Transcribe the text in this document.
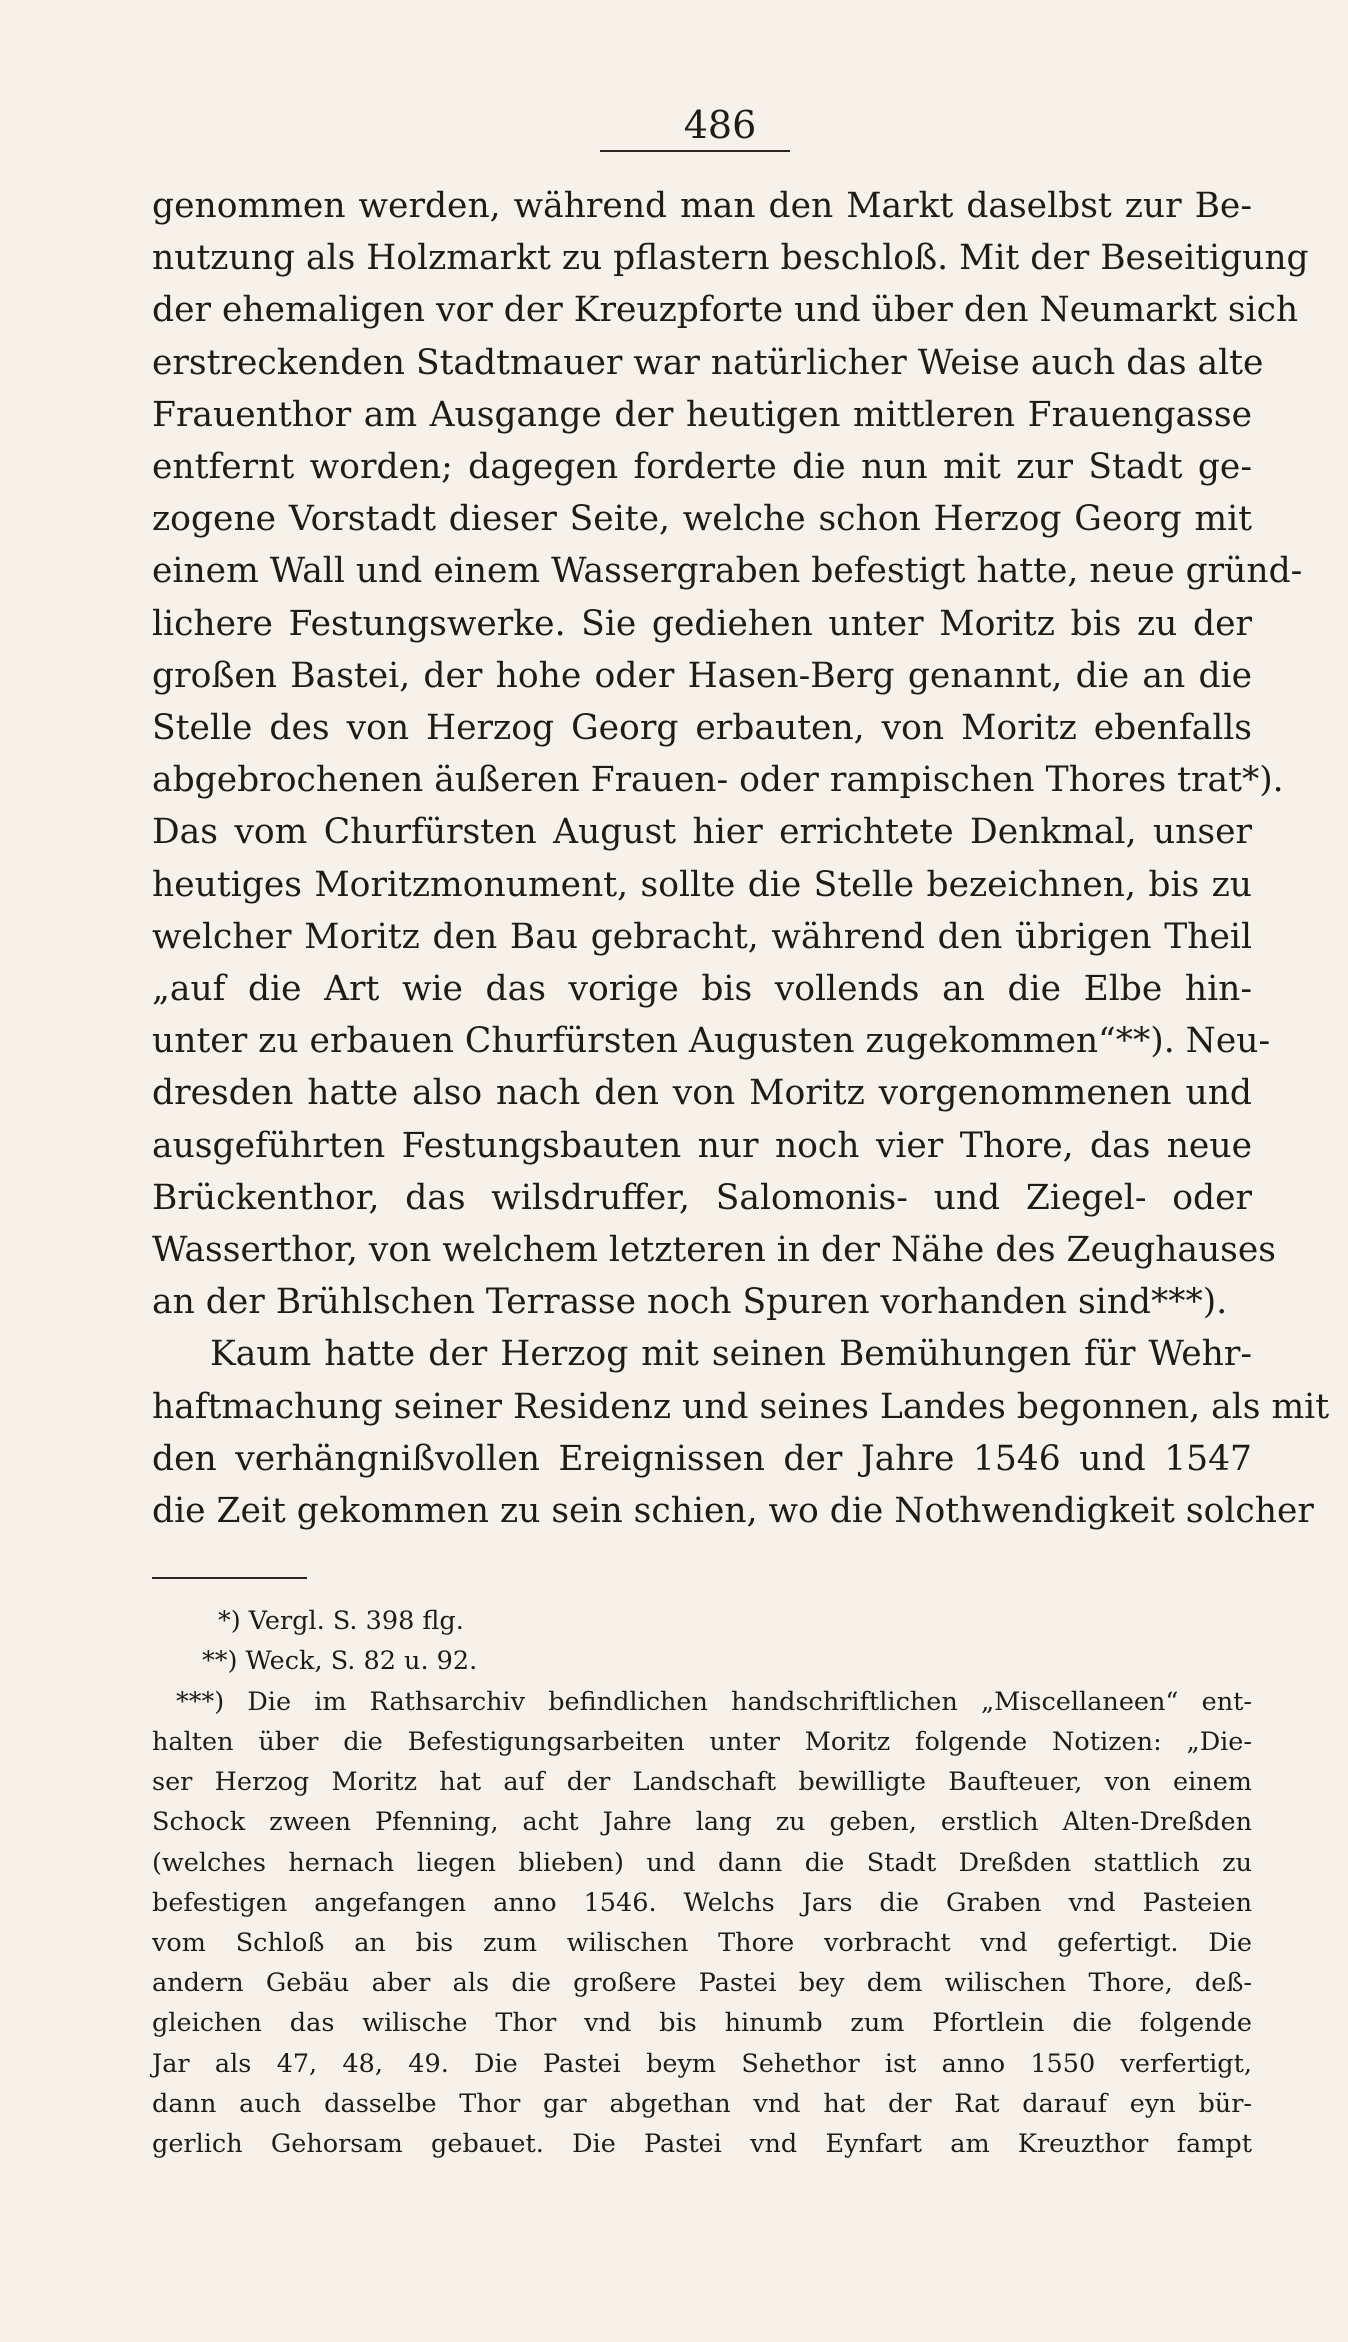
486
genommen werden, während man den Markt daselbst zur Be-
nutzung als Holzmarkt zu pflastern beschloß. Mit der Beseitigung
der ehemaligen vor der Kreuzpforte und über den Neumarkt sich
erstreckenden Stadtmauer war natürlicher Weise auch das alte
Frauenthor am Ausgange der heutigen mittleren Frauengasse
entfernt worden; dagegen forderte die nun mit zur Stadt ge-
zogene Vorstadt dieser Seite, welche schon Herzog Georg mit
einem Wall und einem Wassergraben befestigt hatte, neue gründ-
lichere Festungswerke. Sie gediehen unter Moritz bis zu der
großen Bastei, der hohe oder Hasen-Berg genannt, die an die
Stelle des von Herzog Georg erbauten, von Moritz ebenfalls
abgebrochenen äußeren Frauen- oder rampischen Thores trat*).
Das vom Churfürsten August hier errichtete Denkmal, unser
heutiges Moritzmonument, sollte die Stelle bezeichnen, bis zu
welcher Moritz den Bau gebracht, während den übrigen Theil
„auf die Art wie das vorige bis vollends an die Elbe hin-
unter zu erbauen Churfürsten Augusten zugekommen“**). Neu-
dresden hatte also nach den von Moritz vorgenommenen und
ausgeführten Festungsbauten nur noch vier Thore, das neue
Brückenthor, das wilsdruffer, Salomonis- und Ziegel- oder
Wasserthor, von welchem letzteren in der Nähe des Zeughauses
an der Brühlschen Terrasse noch Spuren vorhanden sind***).
Kaum hatte der Herzog mit seinen Bemühungen für Wehr-
haftmachung seiner Residenz und seines Landes begonnen, als mit
den verhängnißvollen Ereignissen der Jahre 1546 und 1547
die Zeit gekommen zu sein schien, wo die Nothwendigkeit solcher
*) Vergl. S. 398 flg.
**) Weck, S. 82 u. 92.
***) Die im Rathsarchiv befindlichen handschriftlichen „Miscellaneen“ ent-
halten über die Befestigungsarbeiten unter Moritz folgende Notizen: „Die-
ser Herzog Moritz hat auf der Landschaft bewilligte Baufteuer, von einem
Schock zween Pfenning, acht Jahre lang zu geben, erstlich Alten-Dreßden
(welches hernach liegen blieben) und dann die Stadt Dreßden stattlich zu
befestigen angefangen anno 1546. Welchs Jars die Graben vnd Pasteien
vom Schloß an bis zum wilischen Thore vorbracht vnd gefertigt. Die
andern Gebäu aber als die großere Pastei bey dem wilischen Thore, deß-
gleichen das wilische Thor vnd bis hinumb zum Pfortlein die folgende
Jar als 47, 48, 49. Die Pastei beym Sehethor ist anno 1550 verfertigt,
dann auch dasselbe Thor gar abgethan vnd hat der Rat darauf eyn bür-
gerlich Gehorsam gebauet. Die Pastei vnd Eynfart am Kreuzthor fampt
